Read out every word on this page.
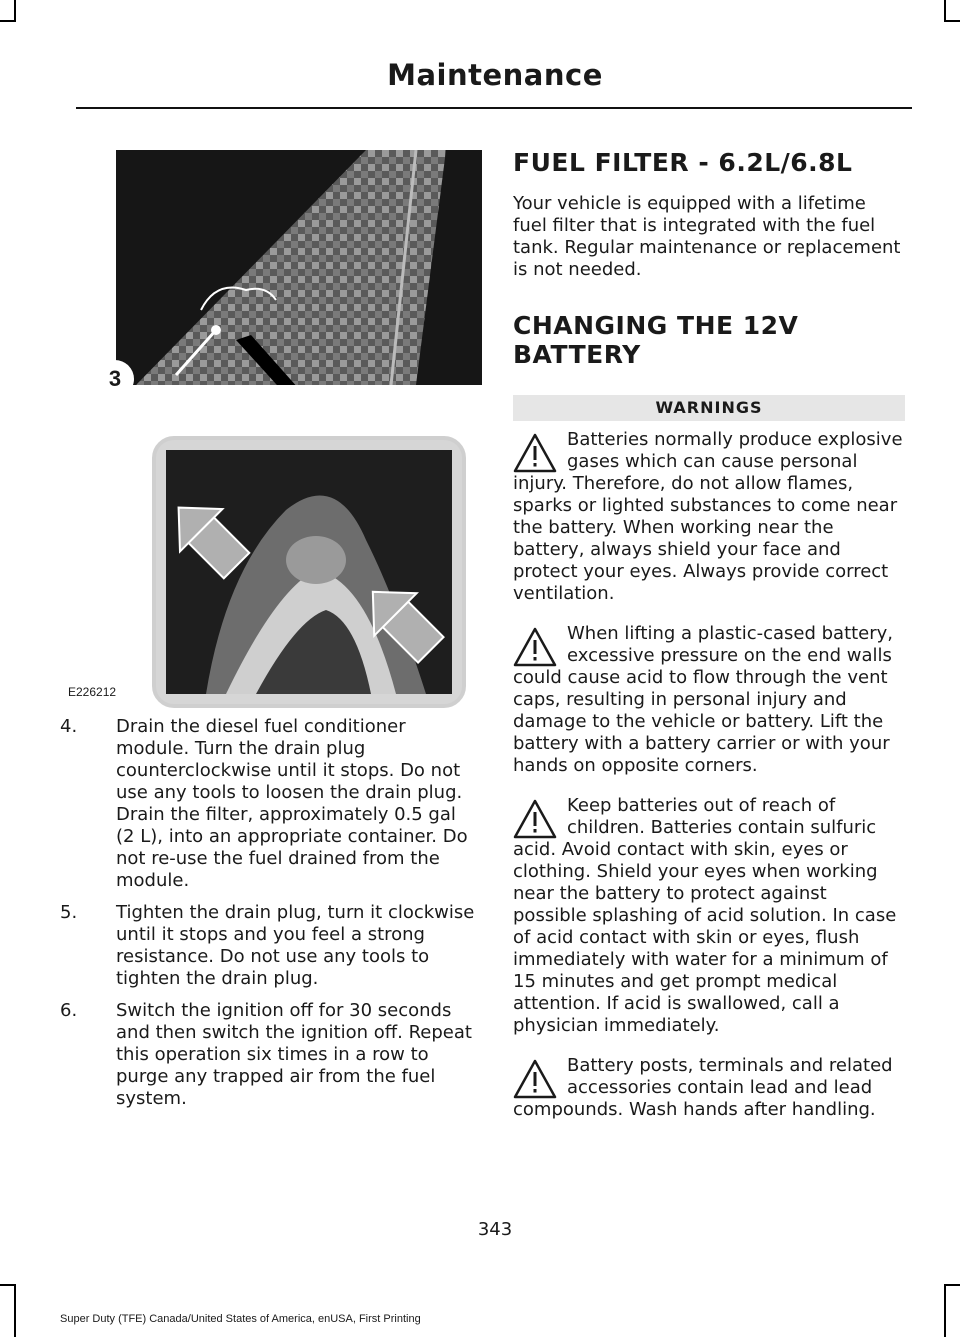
Maintenance
3
E226212
4. Drain the diesel fuel conditioner module. Turn the drain plug counterclockwise until it stops. Do not use any tools to loosen the drain plug. Drain the filter, approximately 0.5 gal (2 L), into an appropriate container. Do not re-use the fuel drained from the module.
5. Tighten the drain plug, turn it clockwise until it stops and you feel a strong resistance. Do not use any tools to tighten the drain plug.
6. Switch the ignition off for 30 seconds and then switch the ignition off. Repeat this operation six times in a row to purge any trapped air from the fuel system.
FUEL FILTER - 6.2L/6.8L

Your vehicle is equipped with a lifetime fuel filter that is integrated with the fuel tank. Regular maintenance or replacement is not needed.

CHANGING THE 12V BATTERY
WARNINGS
Batteries normally produce explosive gases which can cause personal injury. Therefore, do not allow flames, sparks or lighted substances to come near the battery. When working near the battery, always shield your face and protect your eyes. Always provide correct ventilation.
When lifting a plastic-cased battery, excessive pressure on the end walls could cause acid to flow through the vent caps, resulting in personal injury and damage to the vehicle or battery. Lift the battery with a battery carrier or with your hands on opposite corners.
Keep batteries out of reach of children. Batteries contain sulfuric acid. Avoid contact with skin, eyes or clothing. Shield your eyes when working near the battery to protect against possible splashing of acid solution. In case of acid contact with skin or eyes, flush immediately with water for a minimum of 15 minutes and get prompt medical attention. If acid is swallowed, call a physician immediately.
Battery posts, terminals and related accessories contain lead and lead compounds. Wash hands after handling.
343
Super Duty (TFE) Canada/United States of America, enUSA, First Printing
